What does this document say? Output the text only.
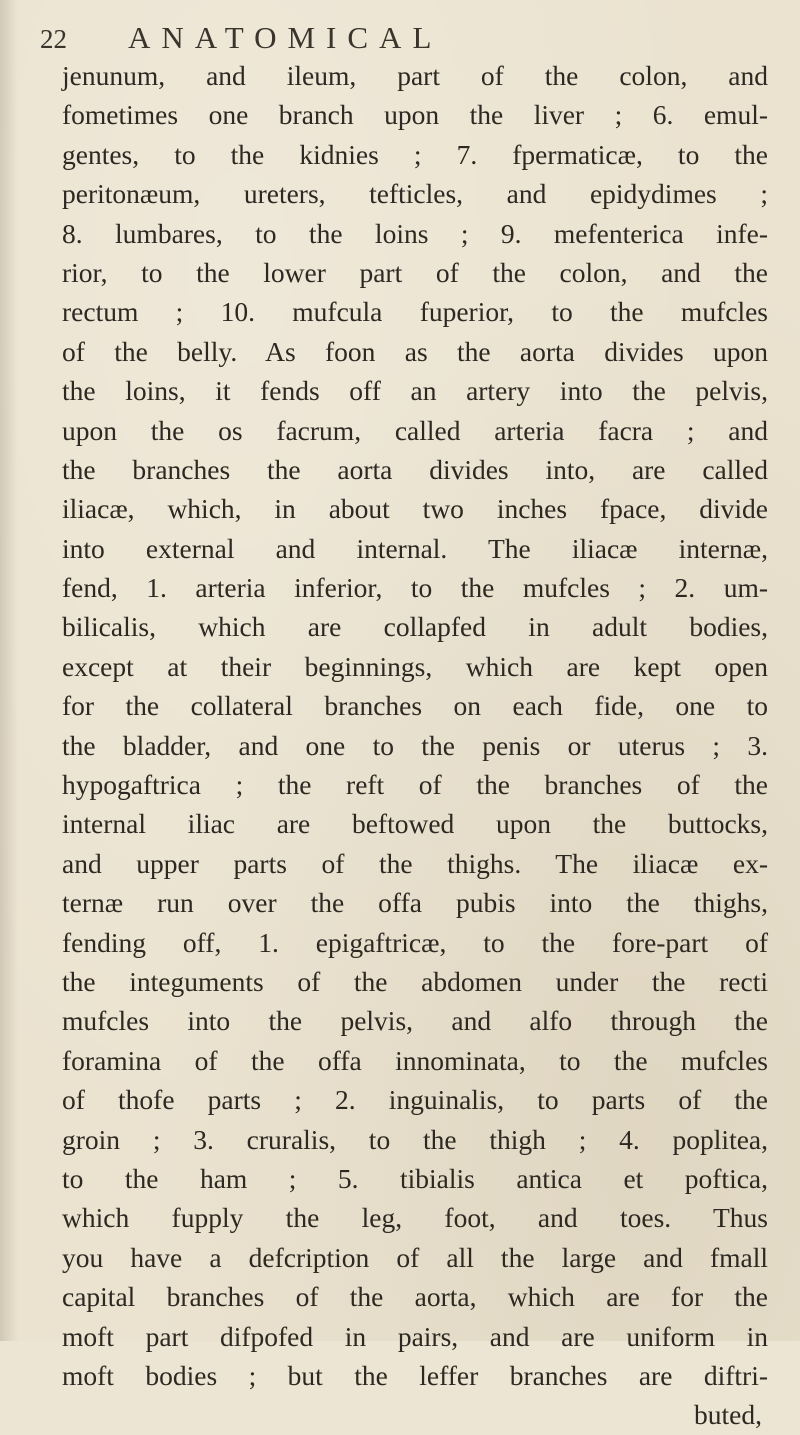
22	ANATOMICAL
jenunum, and ileum, part of the colon, and
fometimes one branch upon the liver ; 6. emul-
gentes, to the kidnies ; 7. fpermaticæ, to the
peritonæum, ureters, tefticles, and epidydimes ;
8. lumbares, to the loins ; 9. mefenterica infe-
rior, to the lower part of the colon, and the
rectum ; 10. mufcula fuperior, to the mufcles
of the belly. As foon as the aorta divides upon
the loins, it fends off an artery into the pelvis,
upon the os facrum, called arteria facra ; and
the branches the aorta divides into, are called
iliacæ, which, in about two inches fpace, divide
into external and internal. The iliacæ internæ,
fend, 1. arteria inferior, to the mufcles ; 2. um-
bilicalis, which are collapfed in adult bodies,
except at their beginnings, which are kept open
for the collateral branches on each fide, one to
the bladder, and one to the penis or uterus ; 3.
hypogaftrica ; the reft of the branches of the
internal iliac are beftowed upon the buttocks,
and upper parts of the thighs. The iliacæ ex-
ternæ run over the offa pubis into the thighs,
fending off, 1. epigaftricæ, to the fore-part of
the integuments of the abdomen under the recti
mufcles into the pelvis, and alfo through the
foramina of the offa innominata, to the mufcles
of thofe parts ; 2. inguinalis, to parts of the
groin ; 3. cruralis, to the thigh ; 4. poplitea,
to the ham ; 5. tibialis antica et poftica,
which fupply the leg, foot, and toes. Thus
you have a defcription of all the large and fmall
capital branches of the aorta, which are for the
moft part difpofed in pairs, and are uniform in
moft bodies ; but the leffer branches are diftri-
buted,
